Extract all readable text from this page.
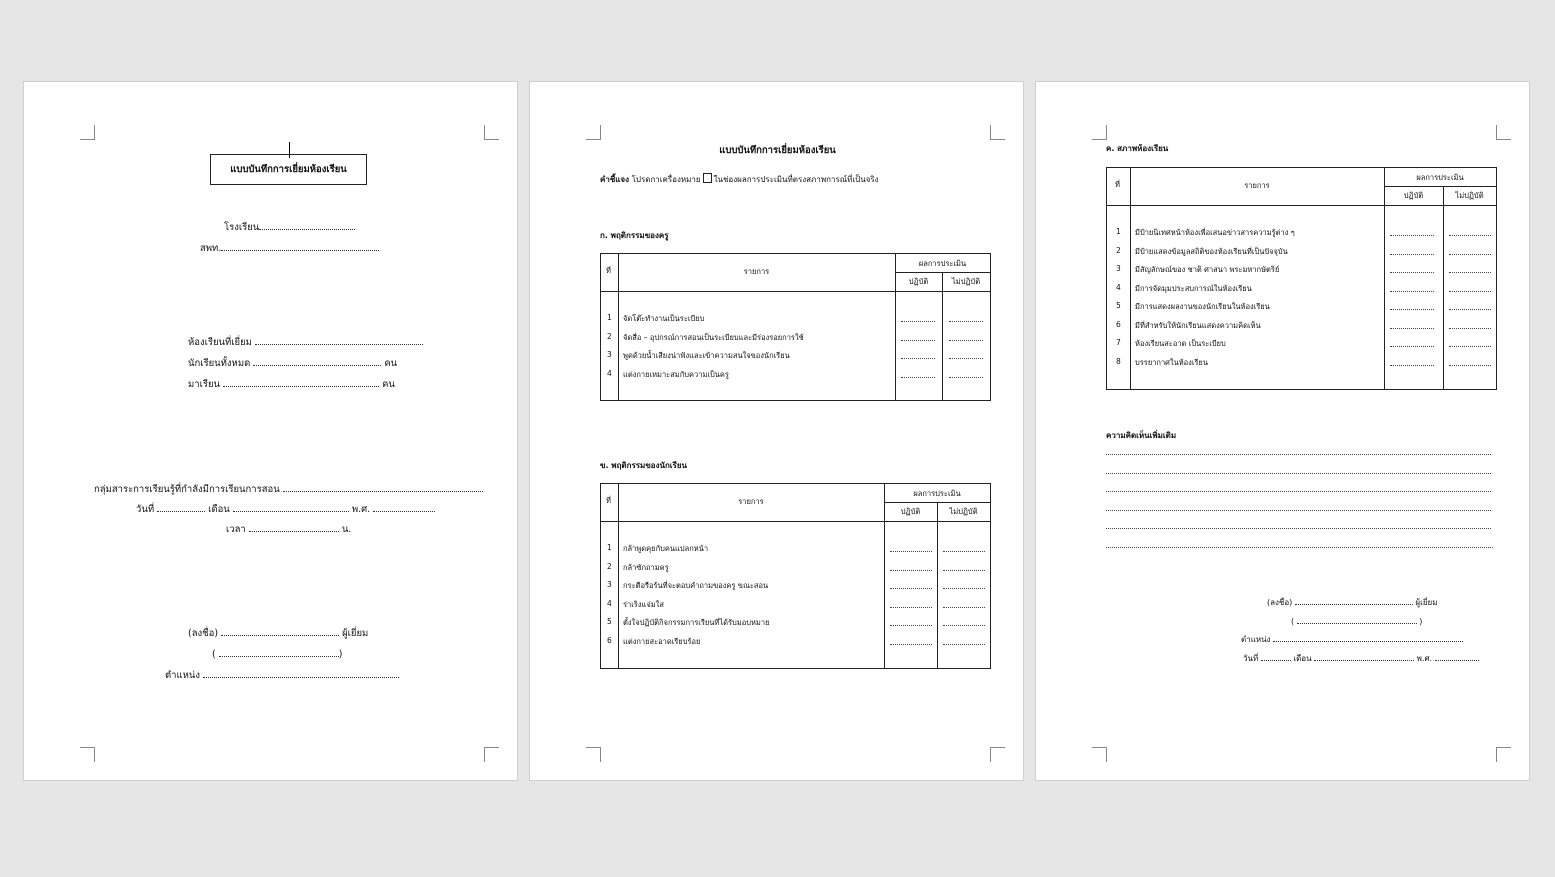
แบบบันทึกการเยี่ยมห้องเรียน
โรงเรียน
สพท.
ห้องเรียนที่เยี่ยม
นักเรียนทั้งหมด	คน
มาเรียน	คน
กลุ่มสาระการเรียนรู้ที่กำลังมีการเรียนการสอน
วันที่	เดือน	พ.ศ.
เวลา	น.
(ลงชื่อ)	ผู้เยี่ยม
(	)
ตำแหน่ง
แบบบันทึกการเยี่ยมห้องเรียน
คำชี้แจง โปรดกาเครื่องหมาย ในช่องผลการประเมินที่ตรงสภาพการณ์ที่เป็นจริง
ก. พฤติกรรมของครู
ที่	รายการ
ผลการประเมิน
ปฏิบัติ	ไม่ปฏิบัติ
1 จัดโต๊ะทำงานเป็นระเบียบ
2 จัดสื่อ – อุปกรณ์การสอนเป็นระเบียบและมีร่องรอยการใช้
3 พูดด้วยน้ำเสียงน่าฟังและเข้าความสนใจของนักเรียน
4 แต่งกายเหมาะสมกับความเป็นครู
ข. พฤติกรรมของนักเรียน
ที่	รายการ
ผลการประเมิน
ปฏิบัติ	ไม่ปฏิบัติ
1 กล้าพูดคุยกับคนแปลกหน้า
2 กล้าซักถามครู
3 กระตือรือร้นที่จะตอบคำถามของครู ขณะสอน
4 ร่าเริงแจ่มใส
5 ตั้งใจปฏิบัติกิจกรรมการเรียนที่ได้รับมอบหมาย
6 แต่งกายสะอาดเรียบร้อย
ค. สภาพห้องเรียน
ที่	รายการ
ผลการประเมิน
ปฏิบัติ	ไม่ปฏิบัติ
1 มีป้ายนิเทศหน้าห้องเพื่อเสนอข่าวสารความรู้ต่าง ๆ
2 มีป้ายแสดงข้อมูลสถิติของห้องเรียนที่เป็นปัจจุบัน
3 มีสัญลักษณ์ของ ชาติ ศาสนา พระมหากษัตริย์
4 มีการจัดมุมประสบการณ์ในห้องเรียน
5 มีการแสดงผลงานของนักเรียนในห้องเรียน
6 มีที่สำหรับให้นักเรียนแสดงความคิดเห็น
7 ห้องเรียนสะอาด เป็นระเบียบ
8 บรรยากาศในห้องเรียน
ความคิดเห็นเพิ่มเติม
(ลงชื่อ)	ผู้เยี่ยม
(	)
ตำแหน่ง
วันที่	เดือน	พ.ศ.
